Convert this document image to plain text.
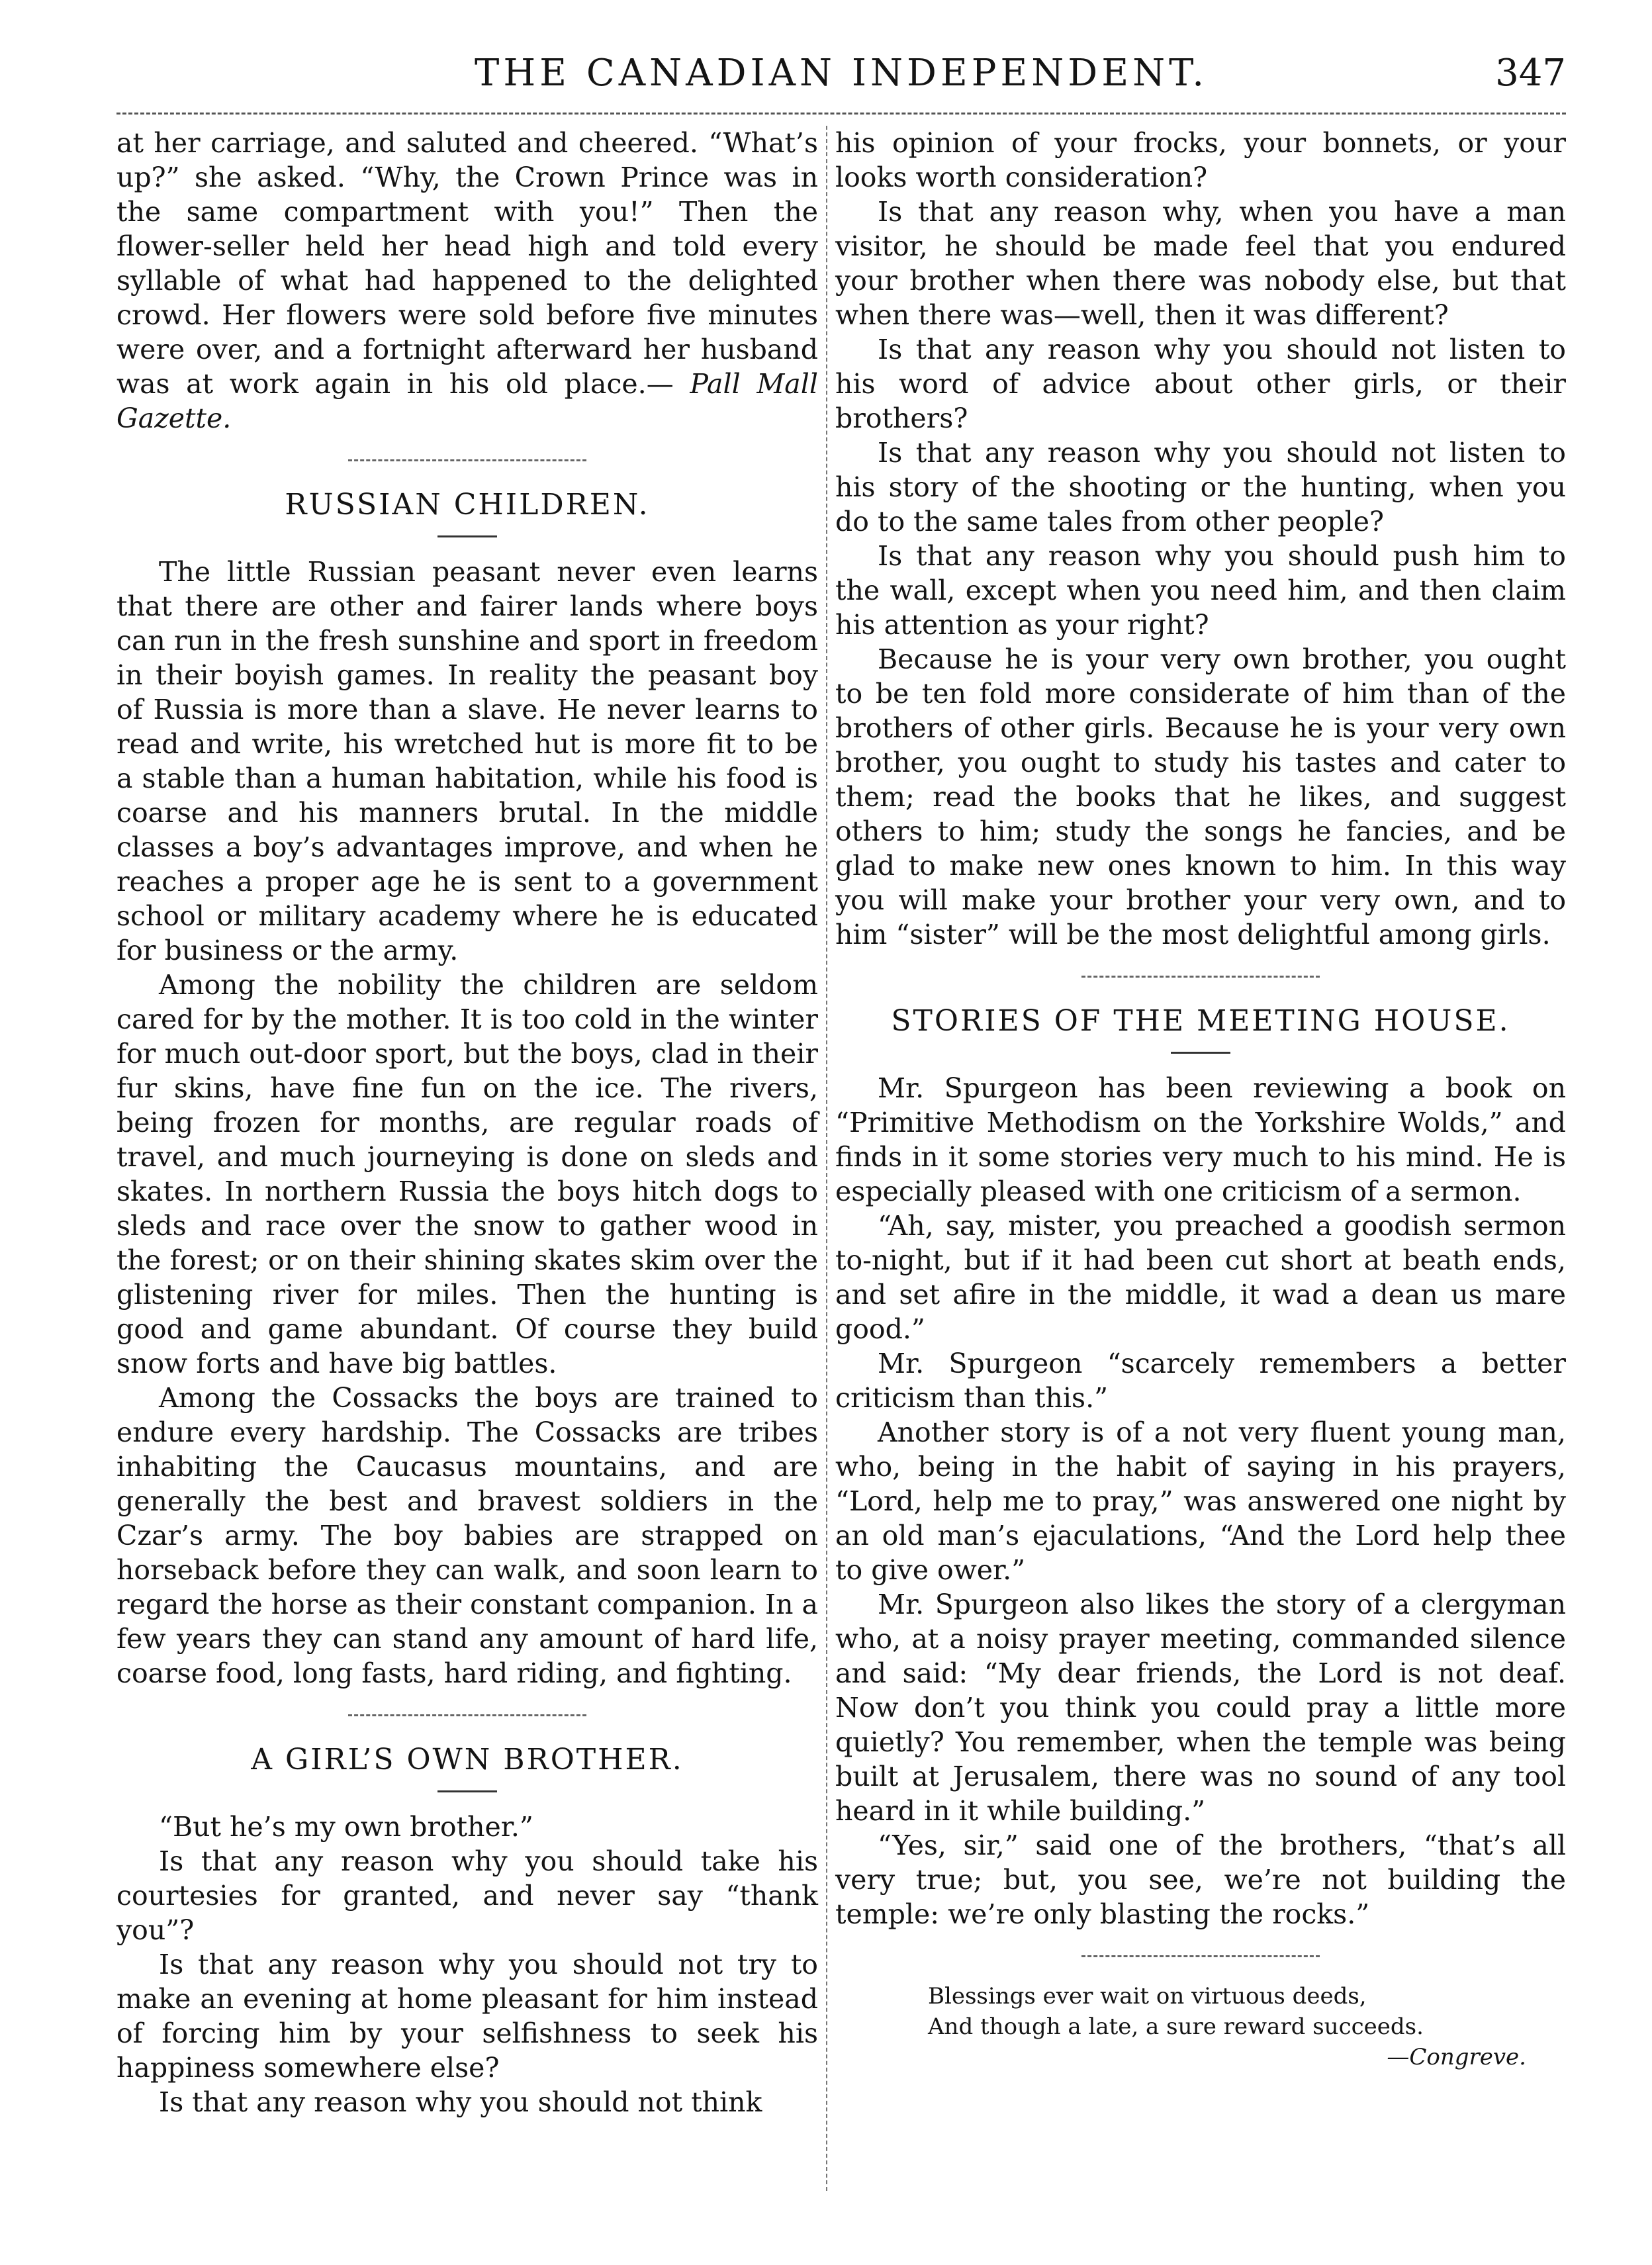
THE CANADIAN INDEPENDENT.	347

at her carriage, and saluted and cheered. “What’s up?” she asked. “Why, the Crown Prince was in the same compartment with you!” Then the flower-seller held her head high and told every syllable of what had happened to the delighted crowd. Her flowers were sold before five minutes were over, and a fortnight afterward her husband was at work again in his old place.— Pall Mall Gazette.

RUSSIAN CHILDREN.

The little Russian peasant never even learns that there are other and fairer lands where boys can run in the fresh sunshine and sport in freedom in their boyish games. In reality the peasant boy of Russia is more than a slave. He never learns to read and write, his wretched hut is more fit to be a stable than a human habitation, while his food is coarse and his manners brutal. In the middle classes a boy’s advantages improve, and when he reaches a proper age he is sent to a government school or military academy where he is educated for business or the army.

Among the nobility the children are seldom cared for by the mother. It is too cold in the winter for much out-door sport, but the boys, clad in their fur skins, have fine fun on the ice. The rivers, being frozen for months, are regular roads of travel, and much journeying is done on sleds and skates. In northern Russia the boys hitch dogs to sleds and race over the snow to gather wood in the forest; or on their shining skates skim over the glistening river for miles. Then the hunting is good and game abundant. Of course they build snow forts and have big battles.

Among the Cossacks the boys are trained to endure every hardship. The Cossacks are tribes inhabiting the Caucasus mountains, and are generally the best and bravest soldiers in the Czar’s army. The boy babies are strapped on horseback before they can walk, and soon learn to regard the horse as their constant companion. In a few years they can stand any amount of hard life, coarse food, long fasts, hard riding, and fighting.

A GIRL’S OWN BROTHER.

“But he’s my own brother.”

Is that any reason why you should take his courtesies for granted, and never say “thank you”?

Is that any reason why you should not try to make an evening at home pleasant for him instead of forcing him by your selfishness to seek his happiness somewhere else?

Is that any reason why you should not think

his opinion of your frocks, your bonnets, or your looks worth consideration?

Is that any reason why, when you have a man visitor, he should be made feel that you endured your brother when there was nobody else, but that when there was—well, then it was different?

Is that any reason why you should not listen to his word of advice about other girls, or their brothers?

Is that any reason why you should not listen to his story of the shooting or the hunting, when you do to the same tales from other people?

Is that any reason why you should push him to the wall, except when you need him, and then claim his attention as your right?

Because he is your very own brother, you ought to be ten fold more considerate of him than of the brothers of other girls. Because he is your very own brother, you ought to study his tastes and cater to them; read the books that he likes, and suggest others to him; study the songs he fancies, and be glad to make new ones known to him. In this way you will make your brother your very own, and to him “sister” will be the most delightful among girls.

STORIES OF THE MEETING HOUSE.

Mr. Spurgeon has been reviewing a book on “Primitive Methodism on the Yorkshire Wolds,” and finds in it some stories very much to his mind. He is especially pleased with one criticism of a sermon.

“Ah, say, mister, you preached a goodish sermon to-night, but if it had been cut short at beath ends, and set afire in the middle, it wad a dean us mare good.”

Mr. Spurgeon “scarcely remembers a better criticism than this.”

Another story is of a not very fluent young man, who, being in the habit of saying in his prayers, “Lord, help me to pray,” was answered one night by an old man’s ejaculations, “And the Lord help thee to give ower.”

Mr. Spurgeon also likes the story of a clergyman who, at a noisy prayer meeting, commanded silence and said: “My dear friends, the Lord is not deaf. Now don’t you think you could pray a little more quietly? You remember, when the temple was being built at Jerusalem, there was no sound of any tool heard in it while building.”

“Yes, sir,” said one of the brothers, “that’s all very true; but, you see, we’re not building the temple: we’re only blasting the rocks.”

Blessings ever wait on virtuous deeds,
And though a late, a sure reward succeeds.
—Congreve.
